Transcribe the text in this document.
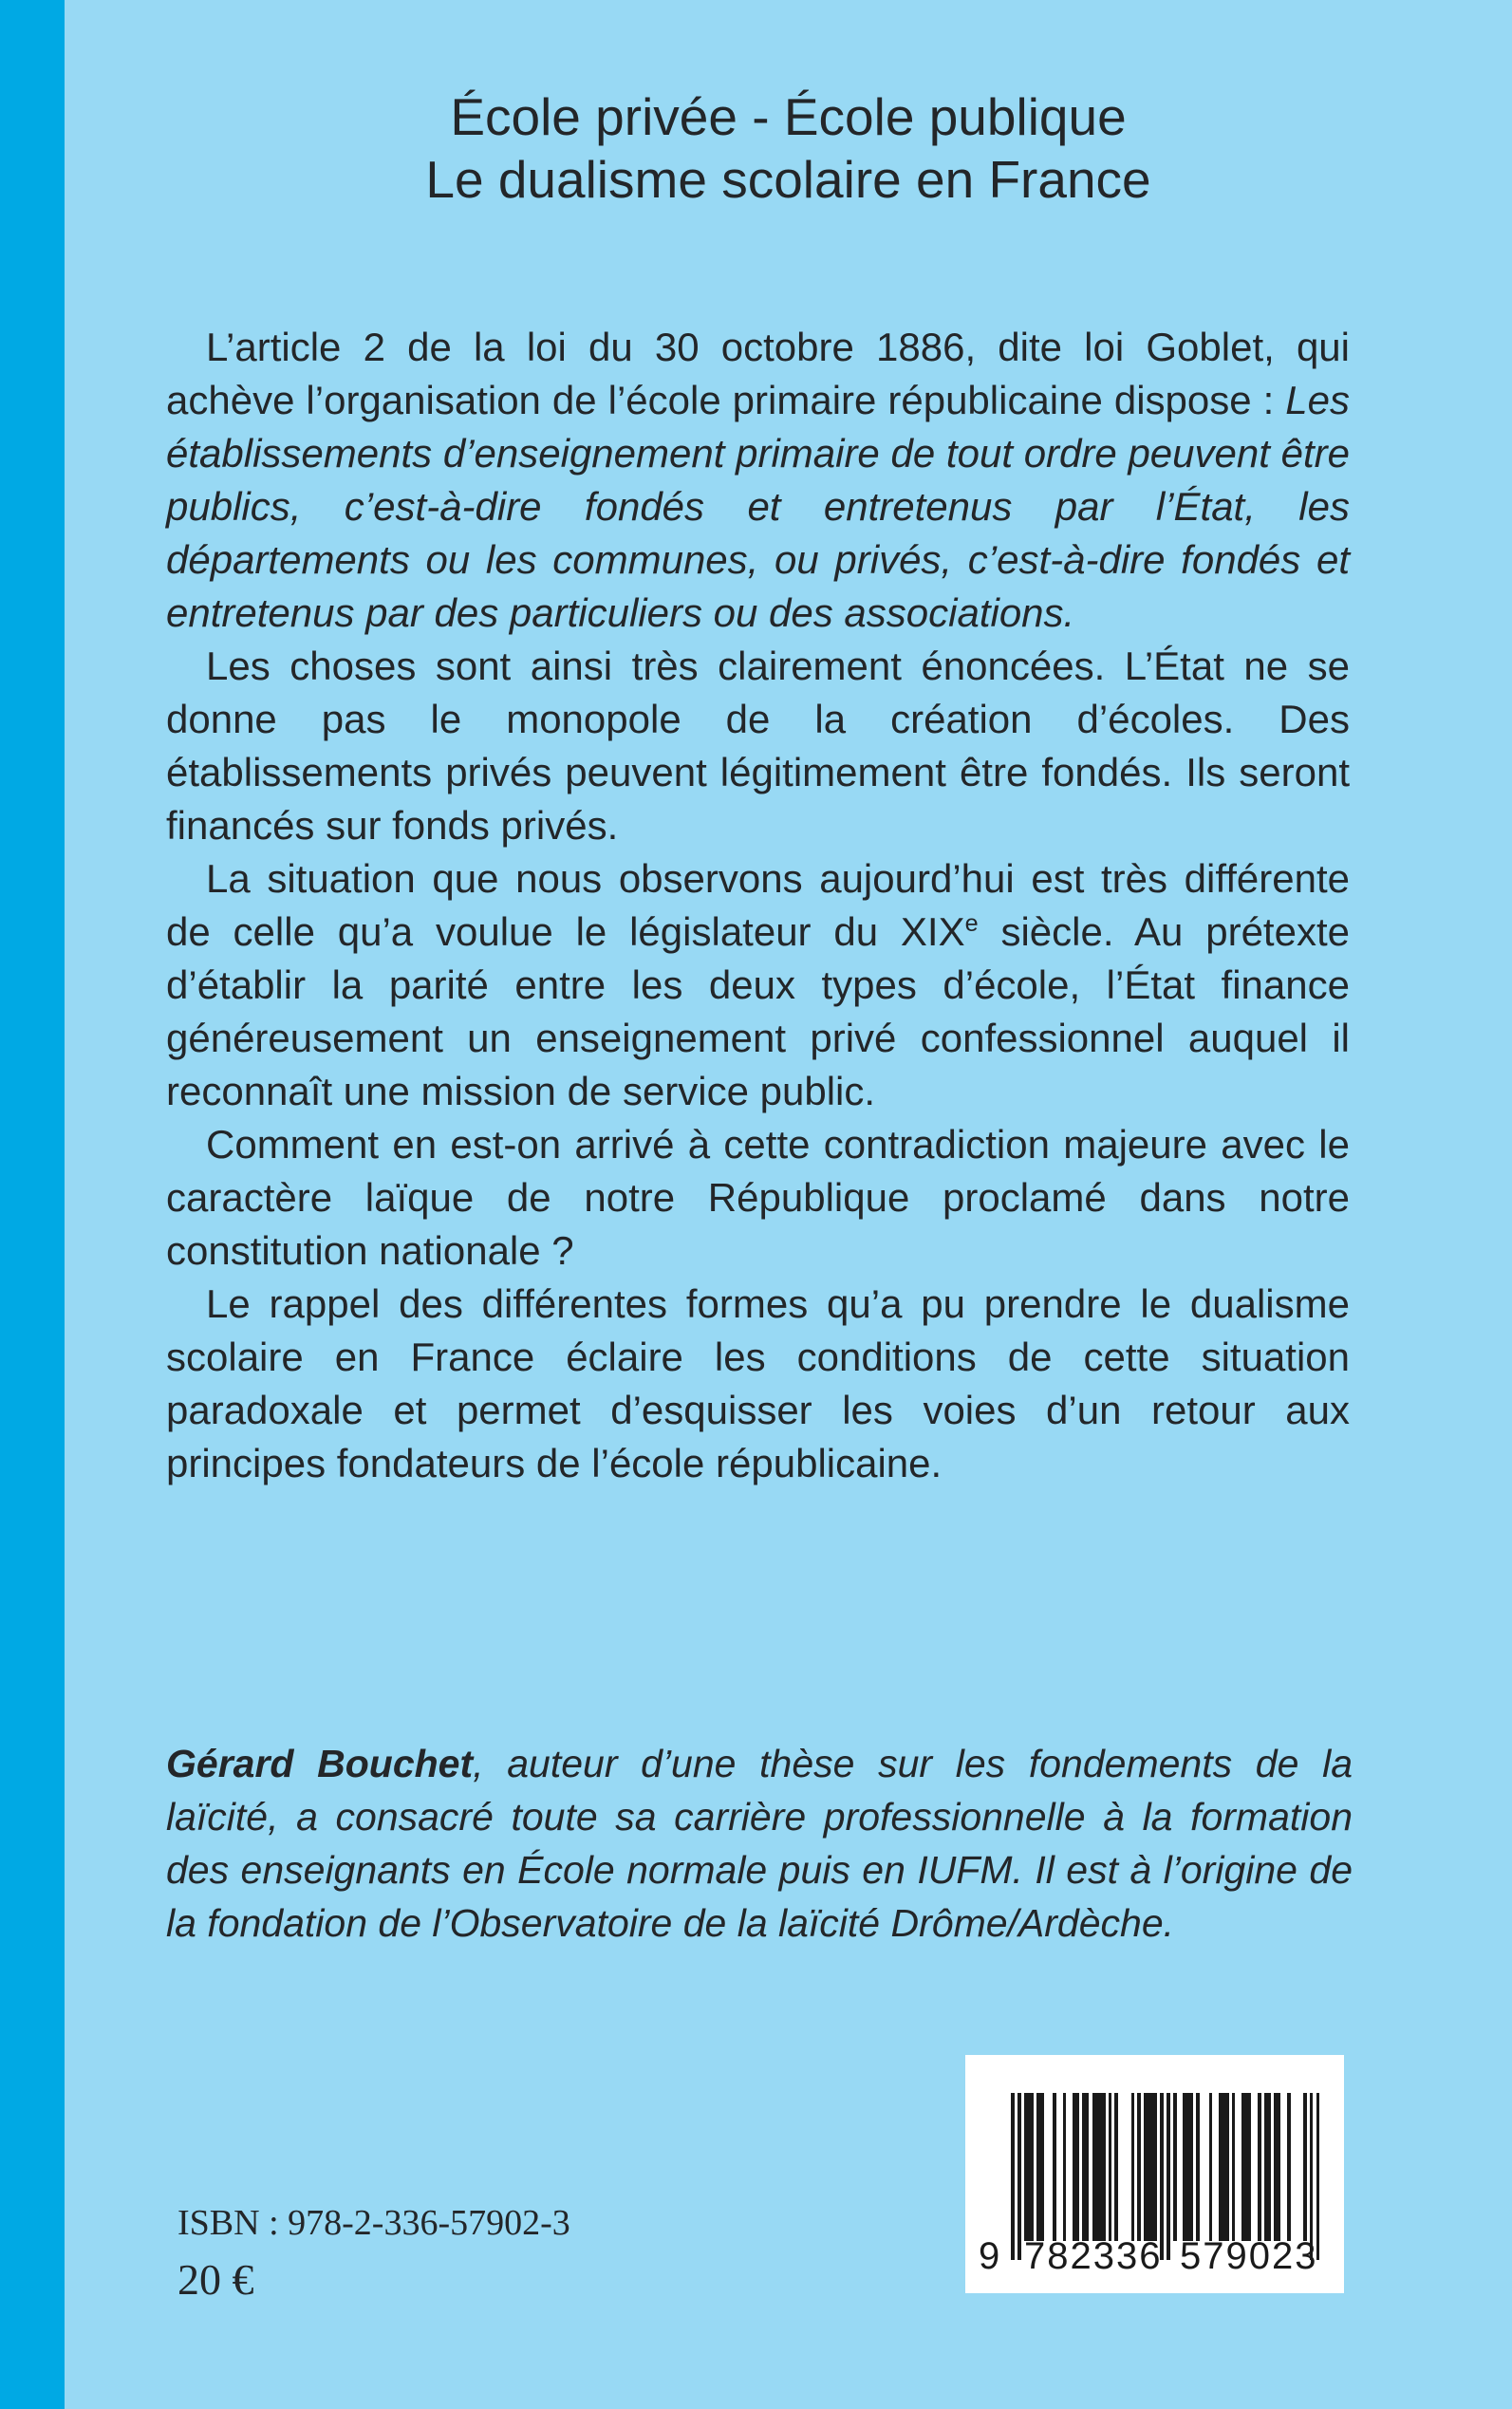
École privée - École publique
Le dualisme scolaire en France

L’article 2 de la loi du 30 octobre 1886, dite loi Goblet, qui achève l’organisation de l’école primaire républicaine dispose : Les établissements d’enseignement primaire de tout ordre peuvent être publics, c’est-à-dire fondés et entretenus par l’État, les départements ou les communes, ou privés, c’est-à-dire fondés et entretenus par des particuliers ou des associations.

Les choses sont ainsi très clairement énoncées. L’État ne se donne pas le monopole de la création d’écoles. Des établissements privés peuvent légitimement être fondés. Ils seront financés sur fonds privés.

La situation que nous observons aujourd’hui est très différente de celle qu’a voulue le législateur du XIXe siècle. Au prétexte d’établir la parité entre les deux types d’école, l’État finance généreusement un enseignement privé confessionnel auquel il reconnaît une mission de service public.

Comment en est-on arrivé à cette contradiction majeure avec le caractère laïque de notre République proclamé dans notre constitution nationale ?

Le rappel des différentes formes qu’a pu prendre le dualisme scolaire en France éclaire les conditions de cette situation paradoxale et permet d’esquisser les voies d’un retour aux principes fondateurs de l’école républicaine.

Gérard Bouchet, auteur d’une thèse sur les fondements de la laïcité, a consacré toute sa carrière professionnelle à la formation des enseignants en École normale puis en IUFM. Il est à l’origine de la fondation de l’Observatoire de la laïcité Drôme/Ardèche.
ISBN : 978-2-336-57902-3
20 €	9 782336 579023
